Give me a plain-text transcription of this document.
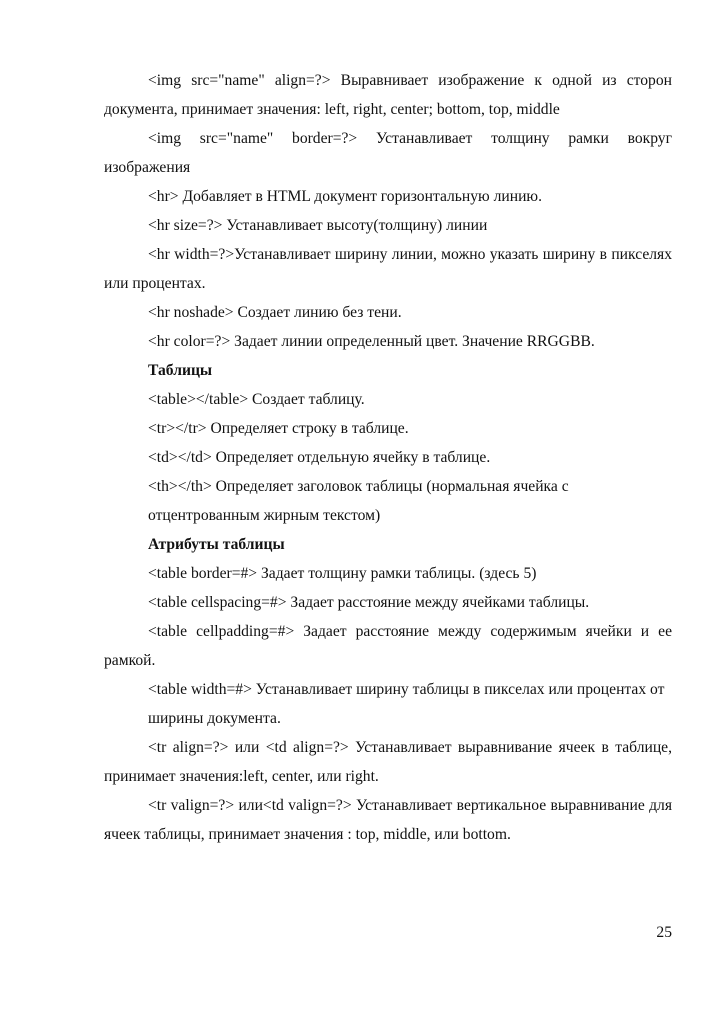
<img src="name" align=?> Выравнивает изображение к одной из сторон документа, принимает значения: left, right, center; bottom, top, middle

<img src="name" border=?> Устанавливает толщину рамки вокруг изображения

<hr> Добавляет в HTML документ горизонтальную линию.

<hr size=?> Устанавливает высоту(толщину) линии

<hr width=?>Устанавливает ширину линии, можно указать ширину в пикселях или процентах.

<hr noshade> Создает линию без тени.

<hr color=?> Задает линии определенный цвет. Значение RRGGBB.

Таблицы

<table></table> Создает таблицу.

<tr></tr> Определяет строку в таблице.

<td></td> Определяет отдельную ячейку в таблице.

<th></th> Определяет заголовок таблицы (нормальная ячейка с

отцентрованным жирным текстом)

Атрибуты таблицы

<table border=#> Задает толщину рамки таблицы. (здесь 5)

<table cellspacing=#> Задает расстояние между ячейками таблицы.

<table cellpadding=#> Задает расстояние между содержимым ячейки и ее рамкой.

<table width=#> Устанавливает ширину таблицы в пикселах или процентах от

ширины документа.

<tr align=?> или <td align=?> Устанавливает выравнивание ячеек в таблице, принимает значения:left, center, или right.

<tr valign=?> или<td valign=?> Устанавливает вертикальное выравнивание для ячеек таблицы, принимает значения : top, middle, или bottom.

25
